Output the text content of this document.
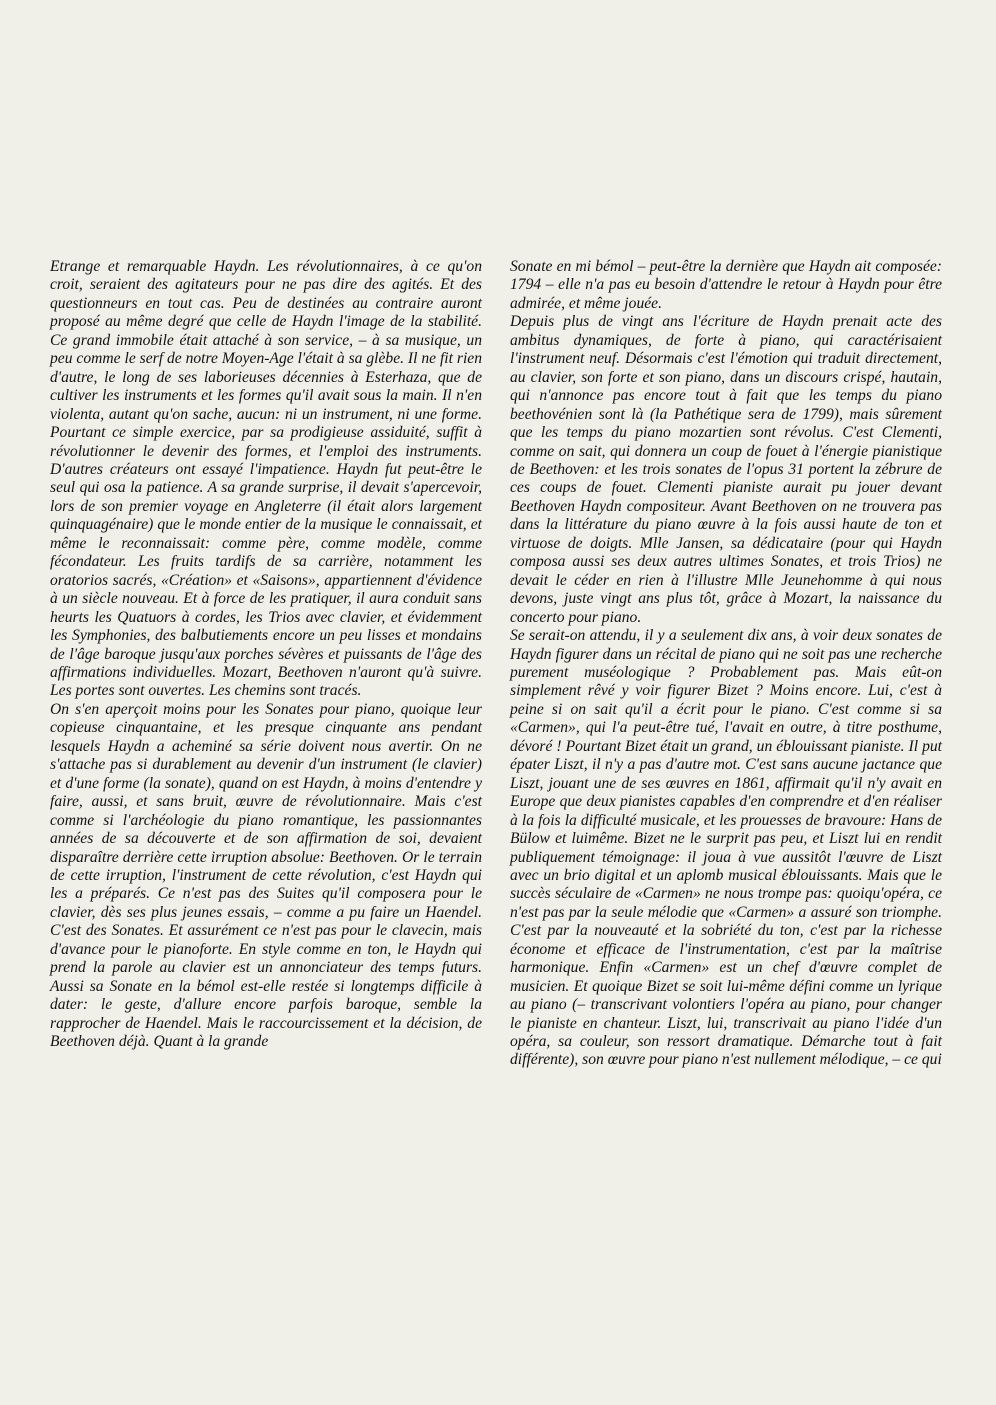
Etrange et remarquable Haydn. Les révolutionnaires, à ce qu'on croit, seraient des agitateurs pour ne pas dire des agités. Et des questionneurs en tout cas. Peu de destinées au contraire auront proposé au même degré que celle de Haydn l'image de la stabilité. Ce grand immobile était attaché à son service, – à sa musique, un peu comme le serf de notre Moyen-Age l'était à sa glèbe. Il ne fit rien d'autre, le long de ses laborieuses décennies à Esterhaza, que de cultiver les instruments et les formes qu'il avait sous la main. Il n'en violenta, autant qu'on sache, aucun: ni un instrument, ni une forme. Pourtant ce simple exercice, par sa prodigieuse assiduité, suffit à révolutionner le devenir des formes, et l'emploi des instruments. D'autres créateurs ont essayé l'impatience. Haydn fut peut-être le seul qui osa la patience. A sa grande surprise, il devait s'apercevoir, lors de son premier voyage en Angleterre (il était alors largement quinquagénaire) que le monde entier de la musique le connaissait, et même le reconnaissait: comme père, comme modèle, comme fécondateur. Les fruits tardifs de sa carrière, notamment les oratorios sacrés, «Création» et «Saisons», appartiennent d'évidence à un siècle nouveau. Et à force de les pratiquer, il aura conduit sans heurts les Quatuors à cordes, les Trios avec clavier, et évidemment les Symphonies, des balbutiements encore un peu lisses et mondains de l'âge baroque jusqu'aux porches sévères et puissants de l'âge des affirmations individuelles. Mozart, Beethoven n'auront qu'à suivre. Les portes sont ouvertes. Les chemins sont tracés.

On s'en aperçoit moins pour les Sonates pour piano, quoique leur copieuse cinquantaine, et les presque cinquante ans pendant lesquels Haydn a acheminé sa série doivent nous avertir. On ne s'attache pas si durablement au devenir d'un instrument (le clavier) et d'une forme (la sonate), quand on est Haydn, à moins d'entendre y faire, aussi, et sans bruit, œuvre de révolutionnaire. Mais c'est comme si l'archéologie du piano romantique, les passionnantes années de sa découverte et de son affirmation de soi, devaient disparaître derrière cette irruption absolue: Beethoven. Or le terrain de cette irruption, l'instrument de cette révolution, c'est Haydn qui les a préparés. Ce n'est pas des Suites qu'il composera pour le clavier, dès ses plus jeunes essais, – comme a pu faire un Haendel. C'est des Sonates. Et assurément ce n'est pas pour le clavecin, mais d'avance pour le pianoforte. En style comme en ton, le Haydn qui prend la parole au clavier est un annonciateur des temps futurs. Aussi sa Sonate en la bémol est-elle restée si longtemps difficile à dater: le geste, d'allure encore parfois baroque, semble la rapprocher de Haendel. Mais le raccourcissement et la décision, de Beethoven déjà. Quant à la grande

Sonate en mi bémol – peut-être la dernière que Haydn ait composée: 1794 – elle n'a pas eu besoin d'attendre le retour à Haydn pour être admirée, et même jouée.

Depuis plus de vingt ans l'écriture de Haydn prenait acte des ambitus dynamiques, de forte à piano, qui caractérisaient l'instrument neuf. Désormais c'est l'émotion qui traduit directement, au clavier, son forte et son piano, dans un discours crispé, hautain, qui n'annonce pas encore tout à fait que les temps du piano beethovénien sont là (la Pathétique sera de 1799), mais sûrement que les temps du piano mozartien sont révolus. C'est Clementi, comme on sait, qui donnera un coup de fouet à l'énergie pianistique de Beethoven: et les trois sonates de l'opus 31 portent la zébrure de ces coups de fouet. Clementi pianiste aurait pu jouer devant Beethoven Haydn compositeur. Avant Beethoven on ne trouvera pas dans la littérature du piano œuvre à la fois aussi haute de ton et virtuose de doigts. Mlle Jansen, sa dédicataire (pour qui Haydn composa aussi ses deux autres ultimes Sonates, et trois Trios) ne devait le céder en rien à l'illustre Mlle Jeunehomme à qui nous devons, juste vingt ans plus tôt, grâce à Mozart, la naissance du concerto pour piano.

Se serait-on attendu, il y a seulement dix ans, à voir deux sonates de Haydn figurer dans un récital de piano qui ne soit pas une recherche purement muséologique ? Probablement pas. Mais eût-on simplement rêvé y voir figurer Bizet ? Moins encore. Lui, c'est à peine si on sait qu'il a écrit pour le piano. C'est comme si sa «Carmen», qui l'a peut-être tué, l'avait en outre, à titre posthume, dévoré ! Pourtant Bizet était un grand, un éblouissant pianiste. Il put épater Liszt, il n'y a pas d'autre mot. C'est sans aucune jactance que Liszt, jouant une de ses œuvres en 1861, affirmait qu'il n'y avait en Europe que deux pianistes capables d'en comprendre et d'en réaliser à la fois la difficulté musicale, et les prouesses de bravoure: Hans de Bülow et luimême. Bizet ne le surprit pas peu, et Liszt lui en rendit publiquement témoignage: il joua à vue aussitôt l'œuvre de Liszt avec un brio digital et un aplomb musical éblouissants. Mais que le succès séculaire de «Carmen» ne nous trompe pas: quoiqu'opéra, ce n'est pas par la seule mélodie que «Carmen» a assuré son triomphe. C'est par la nouveauté et la sobriété du ton, c'est par la richesse économe et efficace de l'instrumentation, c'est par la maîtrise harmonique. Enfin «Carmen» est un chef d'œuvre complet de musicien. Et quoique Bizet se soit lui-même défini comme un lyrique au piano (– transcrivant volontiers l'opéra au piano, pour changer le pianiste en chanteur. Liszt, lui, transcrivait au piano l'idée d'un opéra, sa couleur, son ressort dramatique. Démarche tout à fait différente), son œuvre pour piano n'est nullement mélodique, – ce qui
